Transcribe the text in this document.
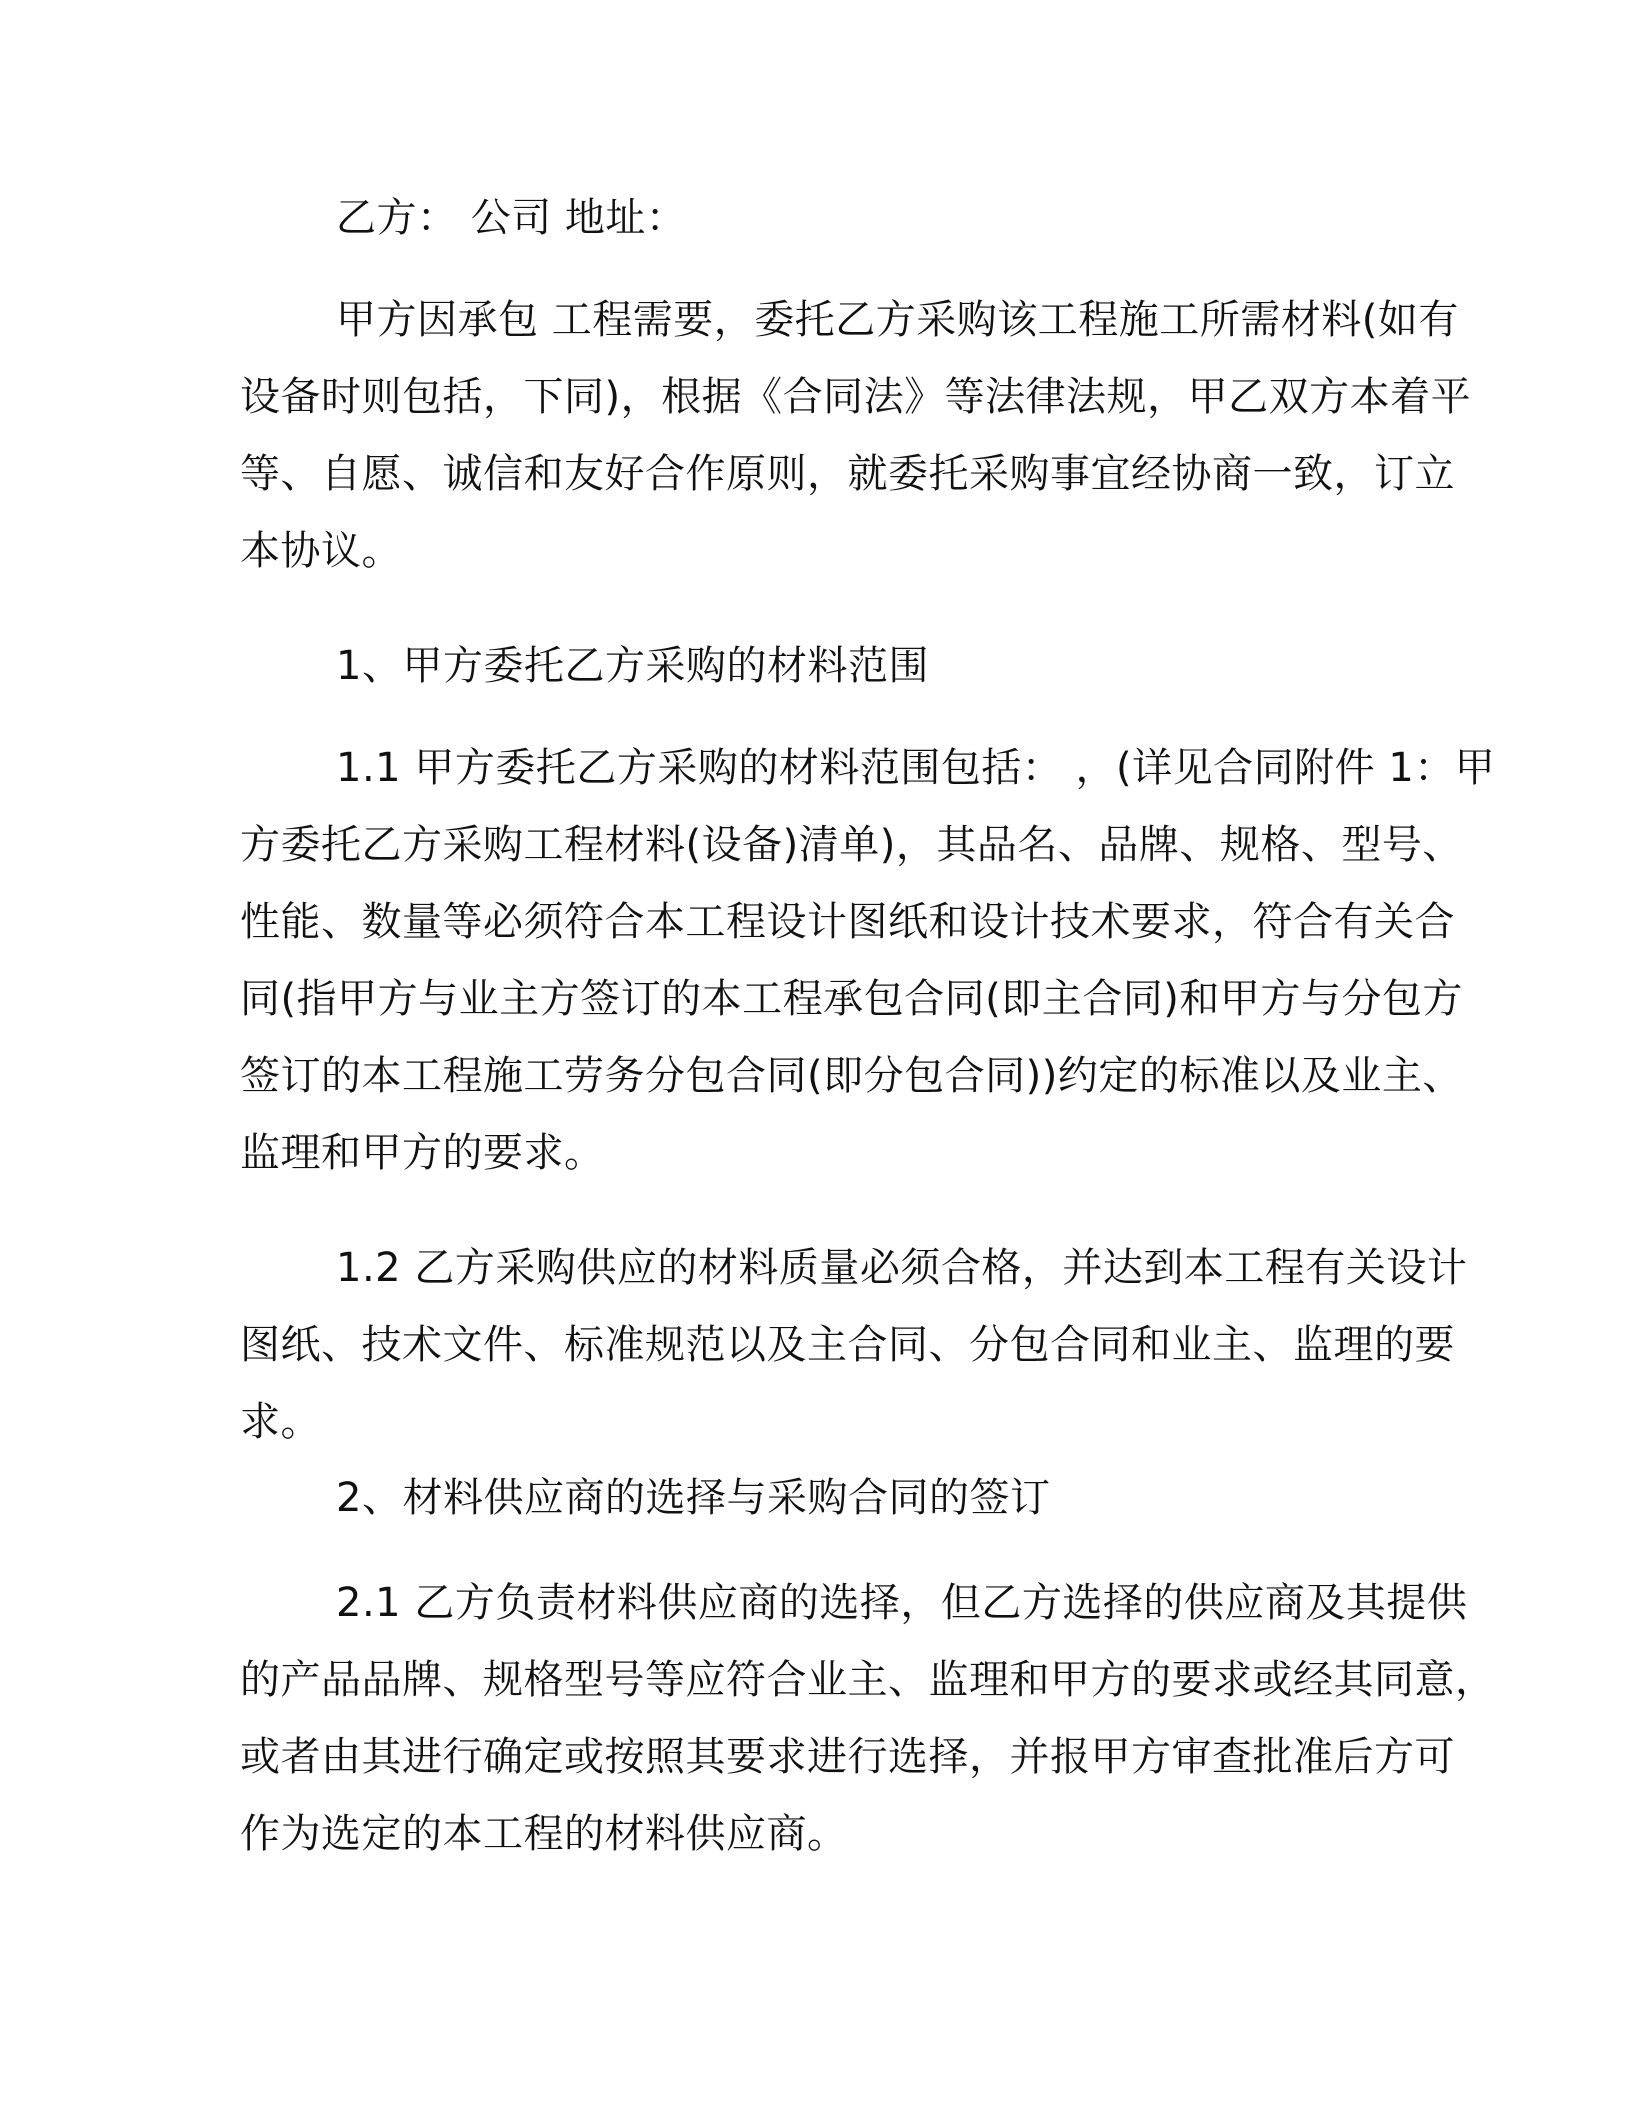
乙方： 公司 地址：

甲方因承包 工程需要，委托乙方采购该工程施工所需材料(如有
设备时则包括，下同)，根据《合同法》等法律法规，甲乙双方本着平
等、自愿、诚信和友好合作原则，就委托采购事宜经协商一致，订立
本协议。

1、甲方委托乙方采购的材料范围

1.1 甲方委托乙方采购的材料范围包括： ，(详见合同附件 1：甲
方委托乙方采购工程材料(设备)清单)，其品名、品牌、规格、型号、
性能、数量等必须符合本工程设计图纸和设计技术要求，符合有关合
同(指甲方与业主方签订的本工程承包合同(即主合同)和甲方与分包方
签订的本工程施工劳务分包合同(即分包合同))约定的标准以及业主、
监理和甲方的要求。

1.2 乙方采购供应的材料质量必须合格，并达到本工程有关设计
图纸、技术文件、标准规范以及主合同、分包合同和业主、监理的要
求。

2、材料供应商的选择与采购合同的签订

2.1 乙方负责材料供应商的选择，但乙方选择的供应商及其提供
的产品品牌、规格型号等应符合业主、监理和甲方的要求或经其同意，
或者由其进行确定或按照其要求进行选择，并报甲方审查批准后方可
作为选定的本工程的材料供应商。
